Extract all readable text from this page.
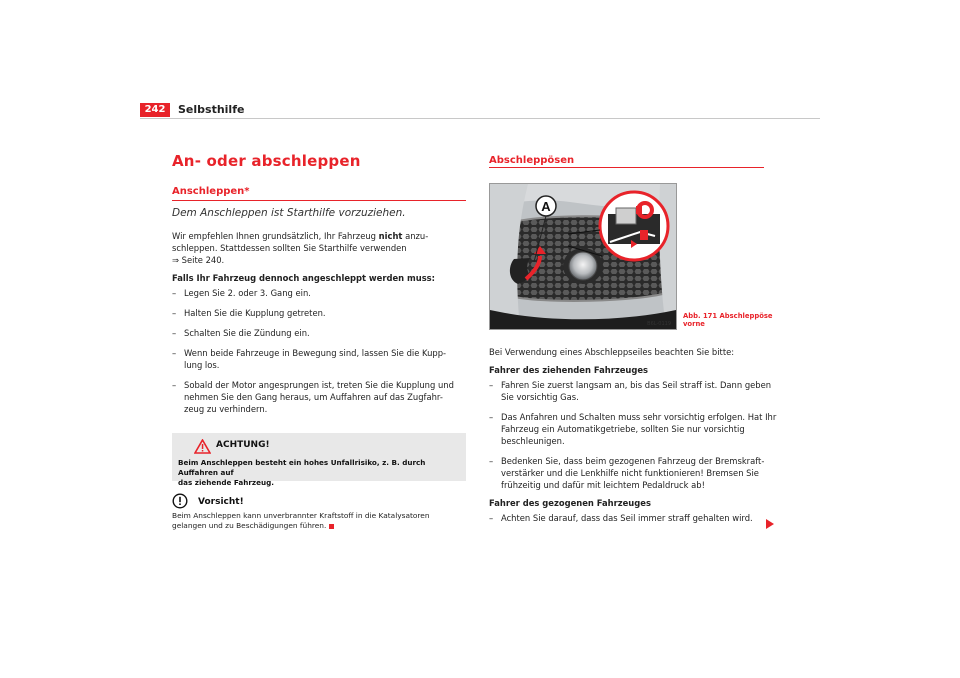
242	Selbsthilfe
An- oder abschleppen
Anschleppen*
Dem Anschleppen ist Starthilfe vorzuziehen.

Wir empfehlen Ihnen grundsätzlich, Ihr Fahrzeug nicht anzu-

schleppen. Stattdessen sollten Sie Starthilfe verwenden

⇒ Seite 240.

Falls Ihr Fahrzeug dennoch angeschleppt werden muss:

– Legen Sie 2. oder 3. Gang ein.
– Halten Sie die Kupplung getreten.
– Schalten Sie die Zündung ein.
– Wenn beide Fahrzeuge in Bewegung sind, lassen Sie die Kupp-
lung los.
– Sobald der Motor angesprungen ist, treten Sie die Kupplung und
nehmen Sie den Gang heraus, um Auffahren auf das Zugfahr-
zeug zu verhindern.
ACHTUNG!
Beim Anschleppen besteht ein hohes Unfallrisiko, z. B. durch Auffahren auf
das ziehende Fahrzeug.
Vorsicht!
Beim Anschleppen kann unverbrannter Kraftstoff in die Katalysatoren
gelangen und zu Beschädigungen führen.
Abschleppösen
A
B6L-0119
Abb. 171 Abschleppöse
vorne

Bei Verwendung eines Abschleppseiles beachten Sie bitte:

Fahrer des ziehenden Fahrzeuges

– Fahren Sie zuerst langsam an, bis das Seil straff ist. Dann geben
Sie vorsichtig Gas.
– Das Anfahren und Schalten muss sehr vorsichtig erfolgen. Hat Ihr
Fahrzeug ein Automatikgetriebe, sollten Sie nur vorsichtig
beschleunigen.
– Bedenken Sie, dass beim gezogenen Fahrzeug der Bremskraft-
verstärker und die Lenkhilfe nicht funktionieren! Bremsen Sie
frühzeitig und dafür mit leichtem Pedaldruck ab!

Fahrer des gezogenen Fahrzeuges

– Achten Sie darauf, dass das Seil immer straff gehalten wird.
